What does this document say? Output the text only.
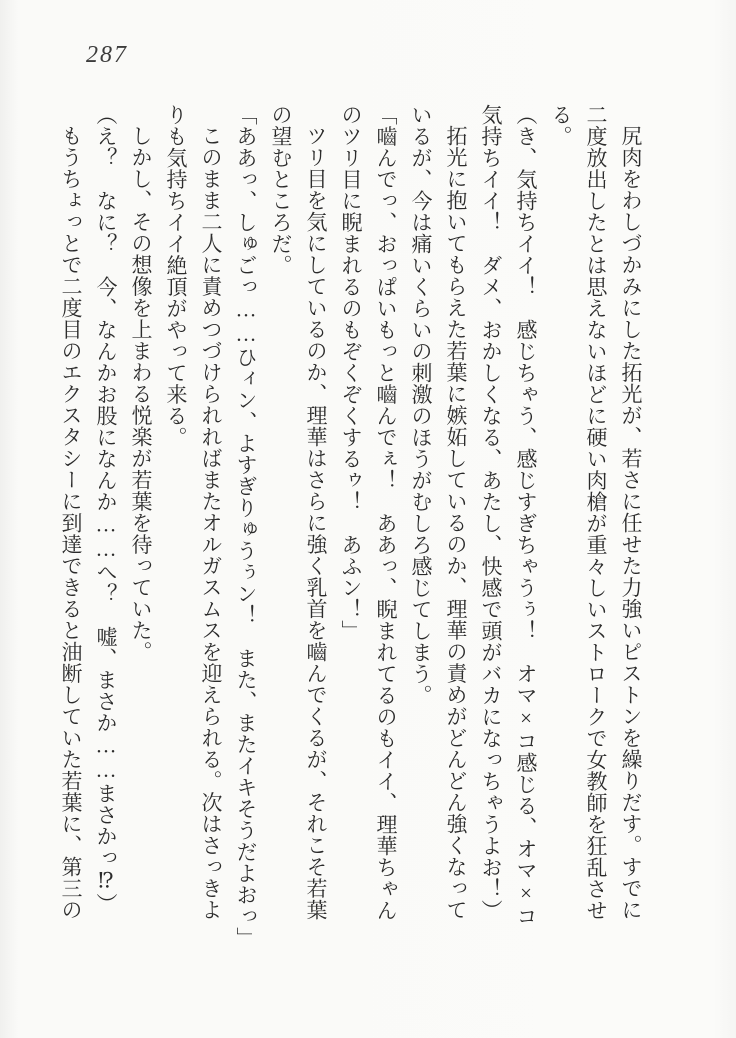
287
尻肉をわしづかみにした拓光が、若さに任せた力強いピストンを繰りだす。すでに
二度放出したとは思えないほどに硬い肉槍が重々しいストロークで女教師を狂乱させ
る。
（き、気持ちイイ！　感じちゃう、感じすぎちゃうぅ！　オマ×コ感じる、オマ×コ
気持ちイイ！　ダメ、おかしくなる、あたし、快感で頭がバカになっちゃうよお！）
拓光に抱いてもらえた若葉に嫉妬しているのか、理華の責めがどんどん強くなって
いるが、今は痛いくらいの刺激のほうがむしろ感じてしまう。
「嚙んでっ、おっぱいもっと嚙んでぇ！　ああっ、睨まれてるのもイイ、理華ちゃん
のツリ目に睨まれるのもぞくぞくするゥ！　あふン！」
ツリ目を気にしているのか、理華はさらに強く乳首を嚙んでくるが、それこそ若葉
の望むところだ。
「ああっ、しゅごっ……ひィン、よすぎりゅうぅン！　また、またイキそうだよおっ」
このまま二人に責めつづけられればまたオルガスムスを迎えられる。次はさっきよ
りも気持ちイイ絶頂がやって来る。
しかし、その想像を上まわる悦楽が若葉を待っていた。
（え？　なに？　今、なんかお股になんか……へ？　嘘、まさか……まさかっ⁉）
もうちょっとで二度目のエクスタシーに到達できると油断していた若葉に、第三の
